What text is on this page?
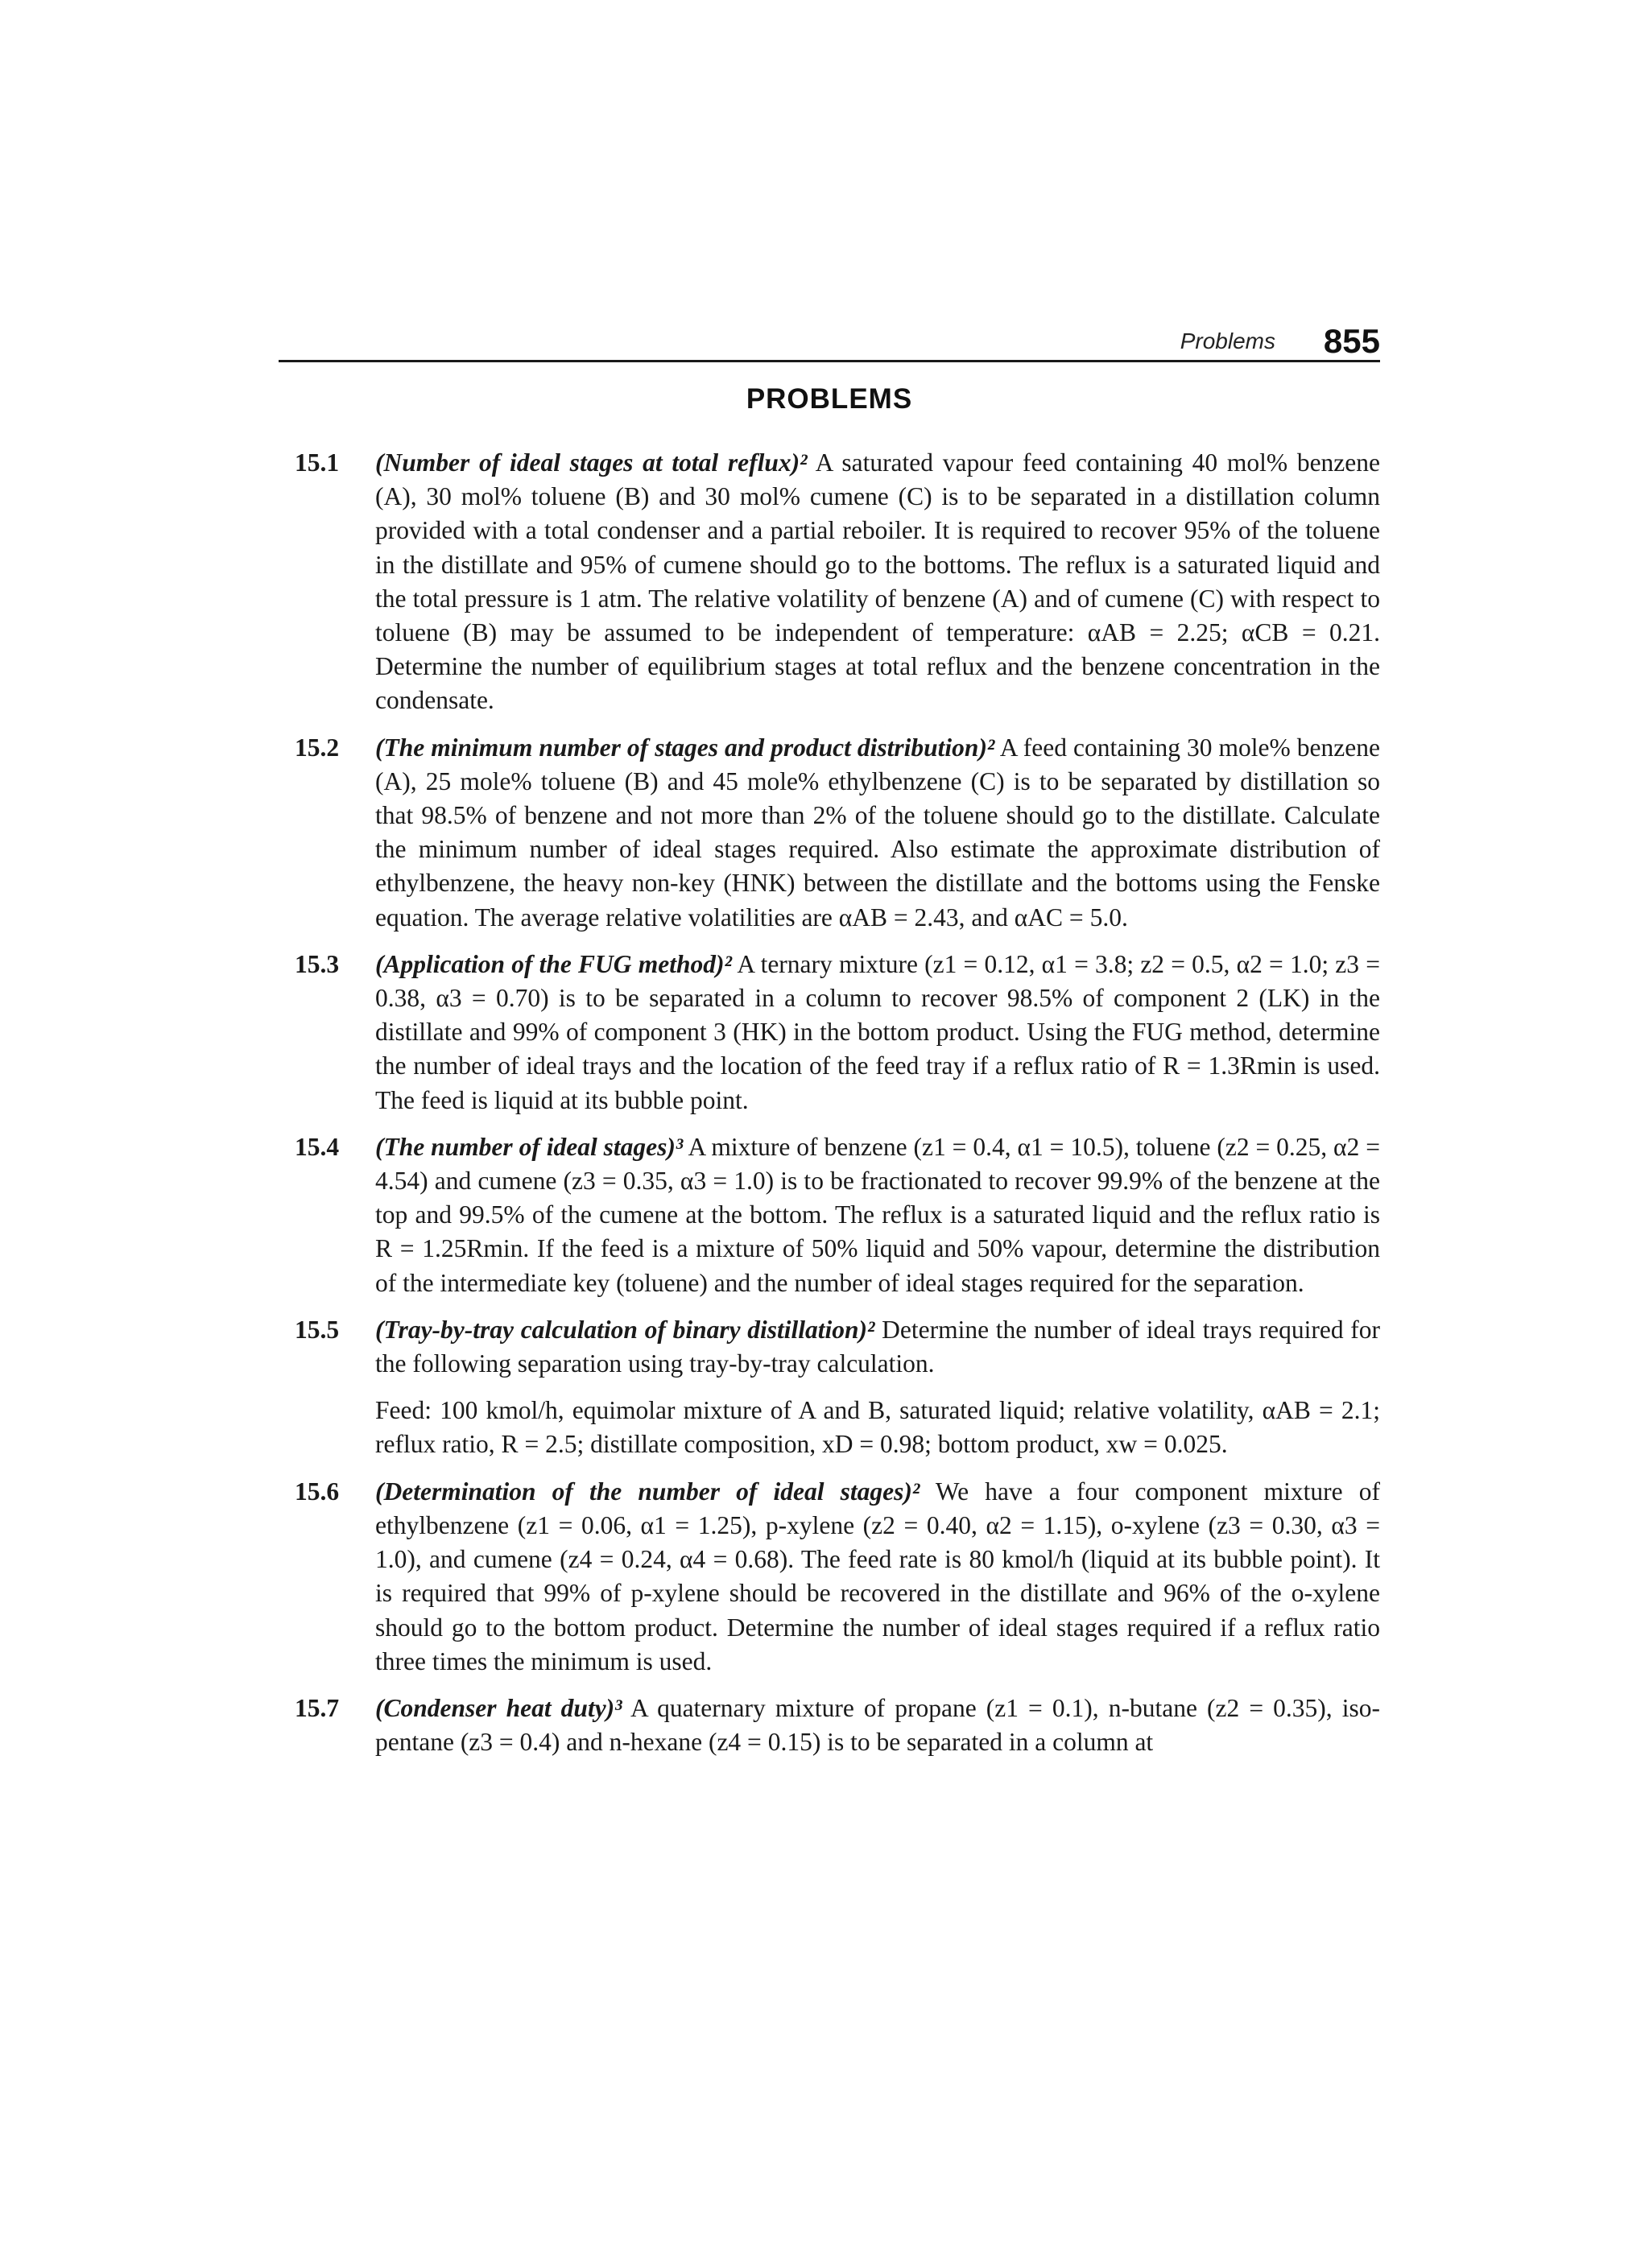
Problems 855
PROBLEMS
15.1 (Number of ideal stages at total reflux)² A saturated vapour feed containing 40 mol% benzene (A), 30 mol% toluene (B) and 30 mol% cumene (C) is to be separated in a distillation column provided with a total condenser and a partial reboiler. It is required to recover 95% of the toluene in the distillate and 95% of cumene should go to the bottoms. The reflux is a saturated liquid and the total pressure is 1 atm. The relative volatility of benzene (A) and of cumene (C) with respect to toluene (B) may be assumed to be independent of temperature: αAB = 2.25; αCB = 0.21. Determine the number of equilibrium stages at total reflux and the benzene concentration in the condensate.

15.2 (The minimum number of stages and product distribution)² A feed containing 30 mole% benzene (A), 25 mole% toluene (B) and 45 mole% ethylbenzene (C) is to be separated by distillation so that 98.5% of benzene and not more than 2% of the toluene should go to the distillate. Calculate the minimum number of ideal stages required. Also estimate the approximate distribution of ethylbenzene, the heavy non-key (HNK) between the distillate and the bottoms using the Fenske equation. The average relative volatilities are αAB = 2.43, and αAC = 5.0.

15.3 (Application of the FUG method)² A ternary mixture (z1 = 0.12, α1 = 3.8; z2 = 0.5, α2 = 1.0; z3 = 0.38, α3 = 0.70) is to be separated in a column to recover 98.5% of component 2 (LK) in the distillate and 99% of component 3 (HK) in the bottom product. Using the FUG method, determine the number of ideal trays and the location of the feed tray if a reflux ratio of R = 1.3Rmin is used. The feed is liquid at its bubble point.

15.4 (The number of ideal stages)³ A mixture of benzene (z1 = 0.4, α1 = 10.5), toluene (z2 = 0.25, α2 = 4.54) and cumene (z3 = 0.35, α3 = 1.0) is to be fractionated to recover 99.9% of the benzene at the top and 99.5% of the cumene at the bottom. The reflux is a saturated liquid and the reflux ratio is R = 1.25Rmin. If the feed is a mixture of 50% liquid and 50% vapour, determine the distribution of the intermediate key (toluene) and the number of ideal stages required for the separation.

15.5 (Tray-by-tray calculation of binary distillation)² Determine the number of ideal trays required for the following separation using tray-by-tray calculation.

Feed: 100 kmol/h, equimolar mixture of A and B, saturated liquid; relative volatility, αAB = 2.1; reflux ratio, R = 2.5; distillate composition, xD = 0.98; bottom product, xw = 0.025.

15.6 (Determination of the number of ideal stages)² We have a four component mixture of ethylbenzene (z1 = 0.06, α1 = 1.25), p-xylene (z2 = 0.40, α2 = 1.15), o-xylene (z3 = 0.30, α3 = 1.0), and cumene (z4 = 0.24, α4 = 0.68). The feed rate is 80 kmol/h (liquid at its bubble point). It is required that 99% of p-xylene should be recovered in the distillate and 96% of the o-xylene should go to the bottom product. Determine the number of ideal stages required if a reflux ratio three times the minimum is used.

15.7 (Condenser heat duty)³ A quaternary mixture of propane (z1 = 0.1), n-butane (z2 = 0.35), iso-pentane (z3 = 0.4) and n-hexane (z4 = 0.15) is to be separated in a column at
